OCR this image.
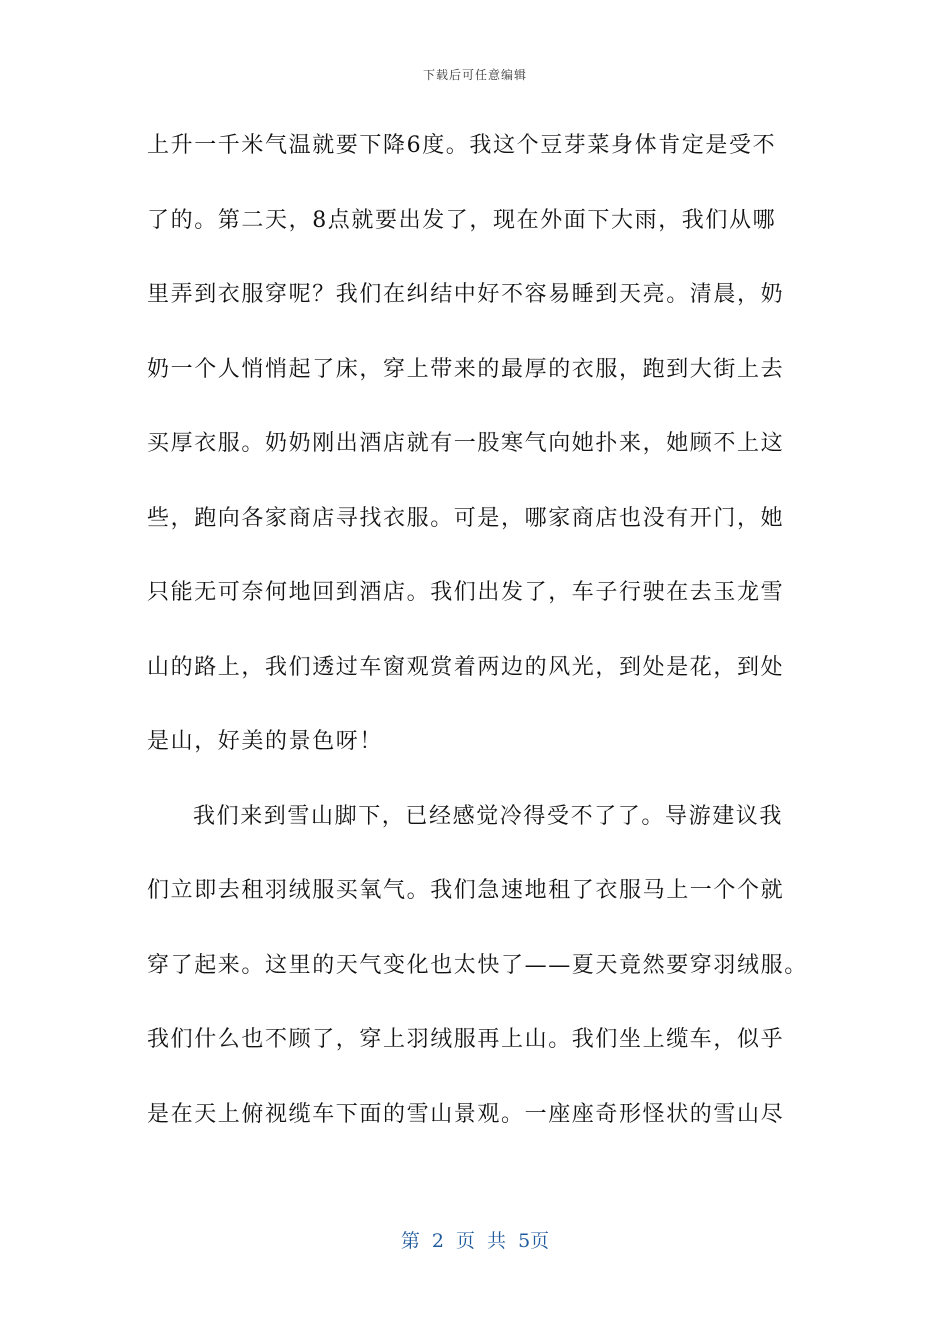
下载后可任意编辑
上升一千米气温就要下降6度。我这个豆芽菜身体肯定是受不
了的。第二天，8点就要出发了，现在外面下大雨，我们从哪
里弄到衣服穿呢？我们在纠结中好不容易睡到天亮。清晨，奶
奶一个人悄悄起了床，穿上带来的最厚的衣服，跑到大街上去
买厚衣服。奶奶刚出酒店就有一股寒气向她扑来，她顾不上这
些，跑向各家商店寻找衣服。可是，哪家商店也没有开门，她
只能无可奈何地回到酒店。我们出发了，车子行驶在去玉龙雪
山的路上，我们透过车窗观赏着两边的风光，到处是花，到处
是山，好美的景色呀！
我们来到雪山脚下，已经感觉冷得受不了了。导游建议我
们立即去租羽绒服买氧气。我们急速地租了衣服马上一个个就
穿了起来。这里的天气变化也太快了——夏天竟然要穿羽绒服。
我们什么也不顾了，穿上羽绒服再上山。我们坐上缆车，似乎
是在天上俯视缆车下面的雪山景观。一座座奇形怪状的雪山尽
第 2 页 共 5页
